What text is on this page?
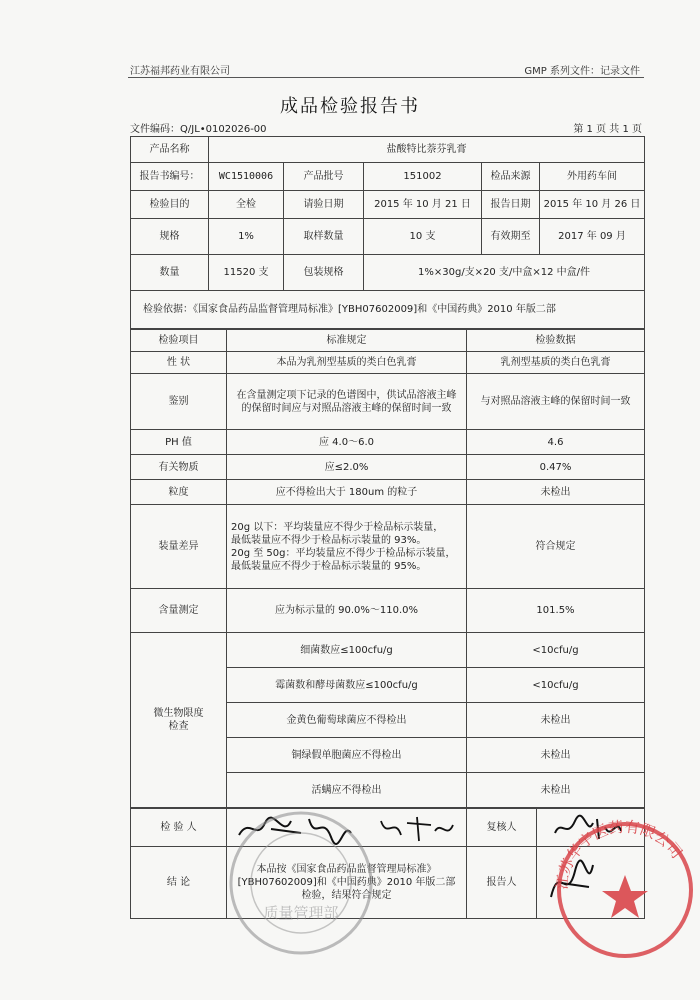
江苏福邦药业有限公司	GMP 系列文件：记录文件
成品检验报告书
文件编码：Q/JL•0102026-00	第 1 页 共 1 页
产品名称	盐酸特比萘芬乳膏				
报告书编号：	WC1510006	产品批号	151002	检品来源	外用药车间
检验目的	全检	请验日期	2015 年 10 月 21 日	报告日期	2015 年 10 月 26 日
规格	1%	取样数量	10 支	有效期至	2017 年 09 月
数量	11520 支	包装规格	1%×30g/支×20 支/中盒×12 中盒/件		
检验依据：《国家食品药品监督管理局标准》[YBH07602009]和《中国药典》2010 年版二部					
检验项目	标准规定	检验数据
性 状	本品为乳剂型基质的类白色乳膏	乳剂型基质的类白色乳膏
鉴别	在含量测定项下记录的色谱图中，供试品溶液主峰的保留时间应与对照品溶液主峰的保留时间一致	与对照品溶液主峰的保留时间一致
PH 值	应 4.0～6.0	4.6
有关物质	应≤2.0%	0.47%
粒度	应不得检出大于 180um 的粒子	未检出
装量差异	20g 以下：平均装量应不得少于检品标示装量，
最低装量应不得少于检品标示装量的 93%。
20g 至 50g：平均装量应不得少于检品标示装量，
最低装量应不得少于检品标示装量的 95%。	符合规定
含量测定	应为标示量的 90.0%～110.0%	101.5%
微生物限度检查	细菌数应≤100cfu/g	<10cfu/g
	霉菌数和酵母菌数应≤100cfu/g	<10cfu/g
	金黄色葡萄球菌应不得检出	未检出
	铜绿假单胞菌应不得检出	未检出
	活螨应不得检出	未检出
检 验 人		复核人	

结 论	本品按《国家食品药品监督管理局标准》[YBH07602009]和《中国药典》2010 年版二部检验，结果符合规定	报告人	
质量管理部
江苏华宇医药有限公司
